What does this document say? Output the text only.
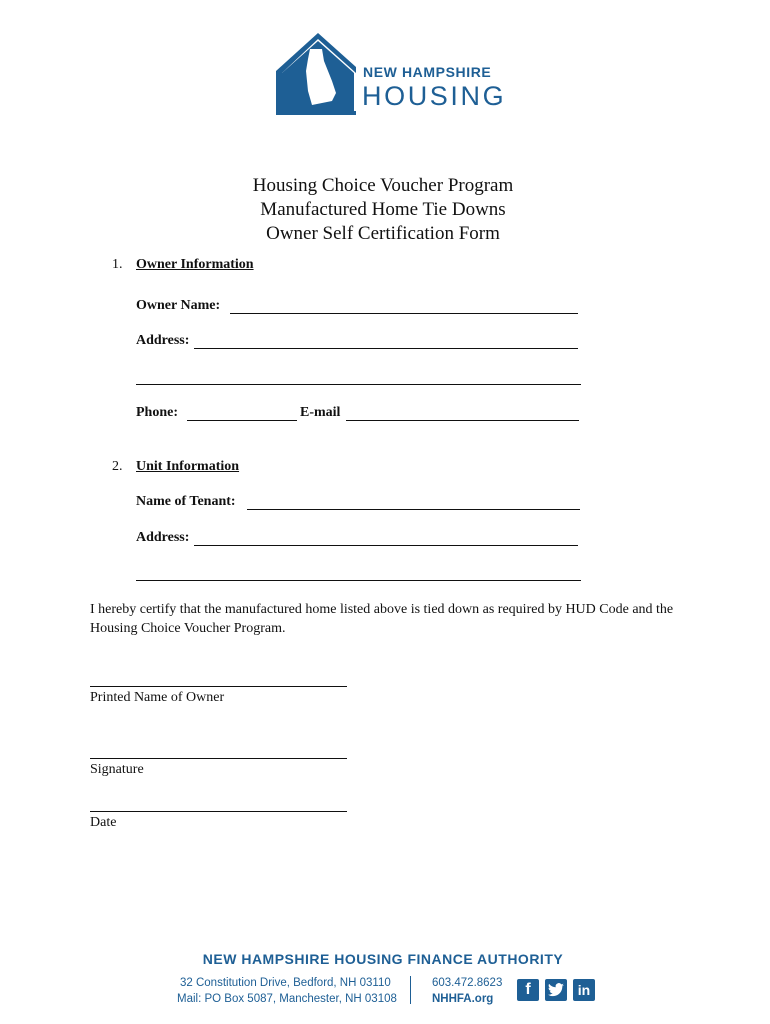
NEW HAMPSHIRE
HOUSING
Housing Choice Voucher Program
Manufactured Home Tie Downs
Owner Self Certification Form
1. Owner Information
Owner Name:
Address:
Phone:	E-mail
2. Unit Information
Name of Tenant:
Address:
I hereby certify that the manufactured home listed above is tied down as required by HUD Code and the Housing Choice Voucher Program.
Printed Name of Owner
Signature
Date
NEW HAMPSHIRE HOUSING FINANCE AUTHORITY
32 Constitution Drive, Bedford, NH 03110
Mail: PO Box 5087, Manchester, NH 03108
603.472.8623
NHHFA.org
f	in
